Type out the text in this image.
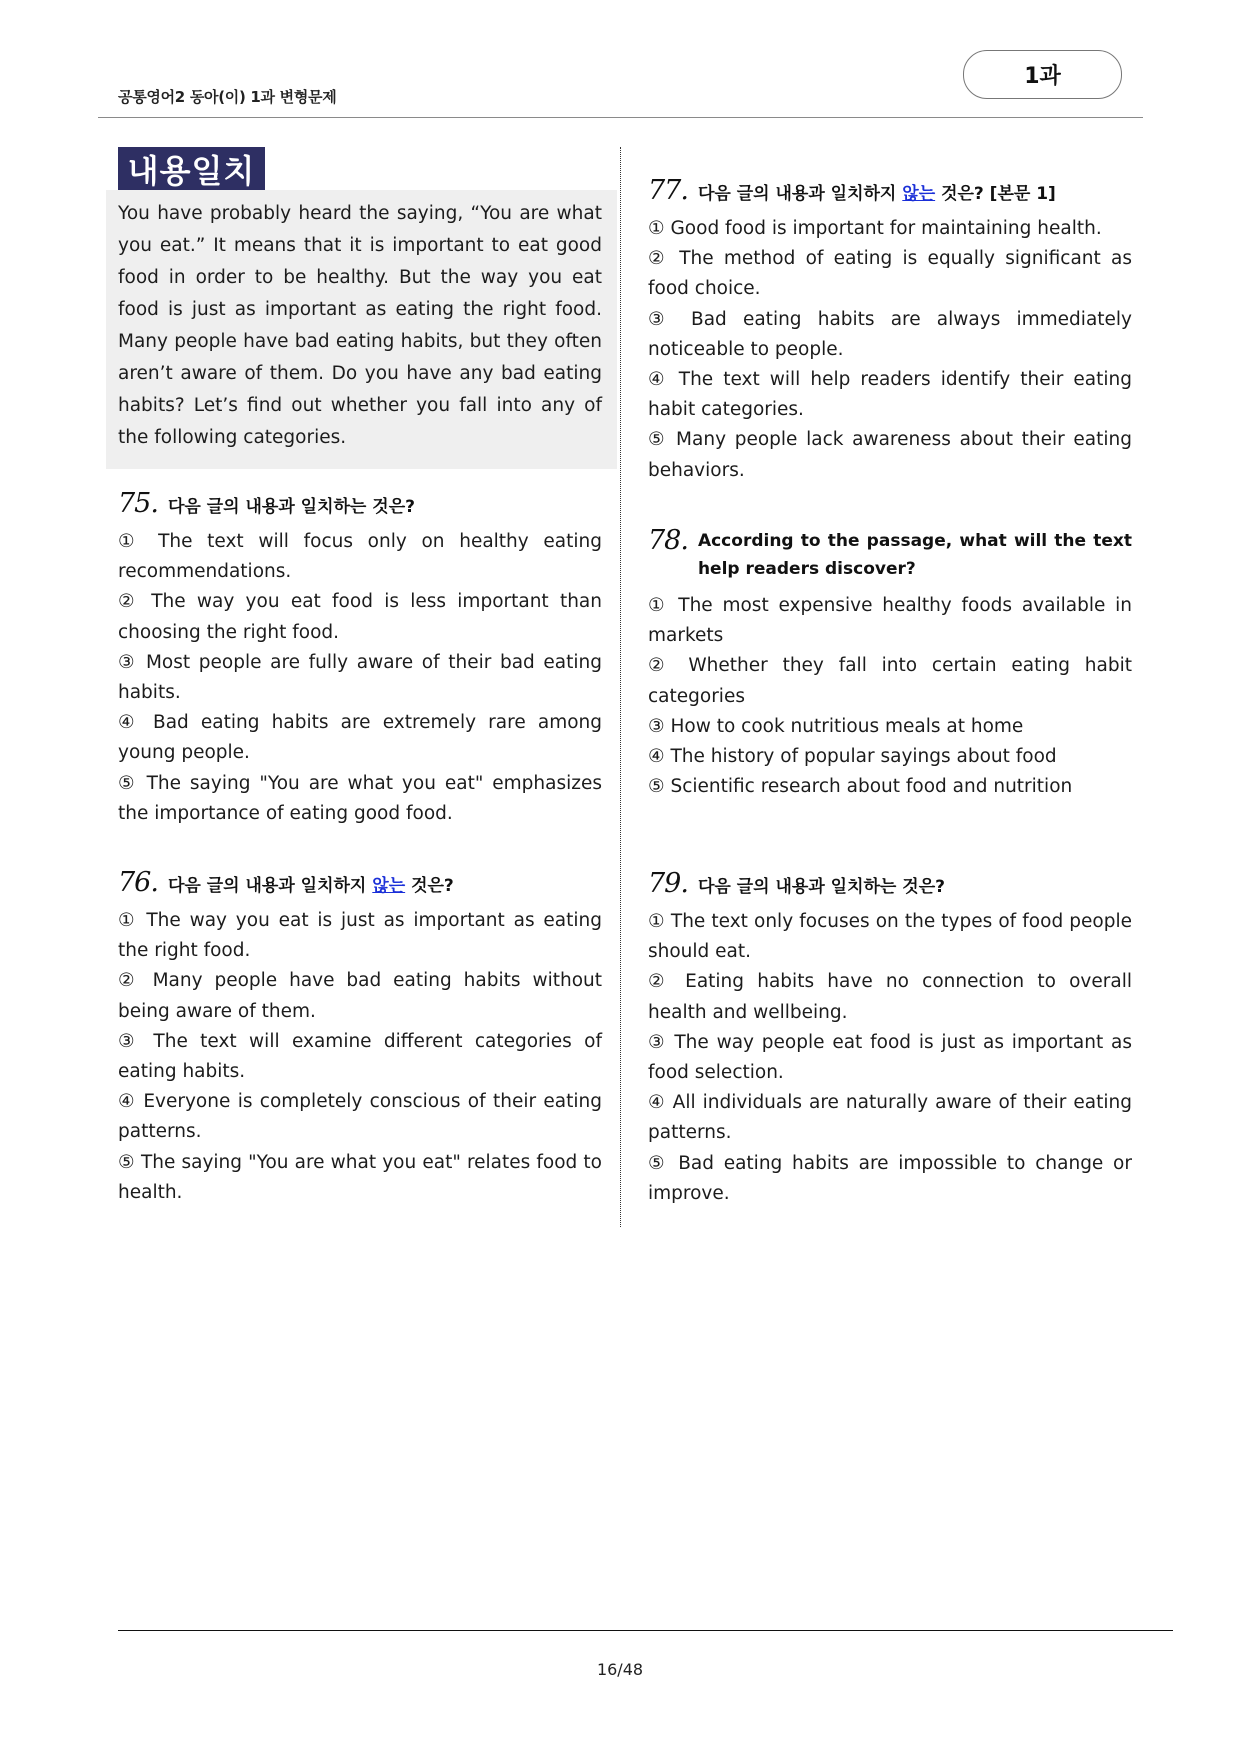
공통영어2 동아(이) 1과 변형문제
1과
내용일치
You have probably heard the saying, “You are what you eat.” It means that it is important to eat good food in order to be healthy. But the way you eat food is just as important as eating the right food. Many people have bad eating habits, but they often aren’t aware of them. Do you have any bad eating habits? Let’s find out whether you fall into any of the following categories.
75. 다음 글의 내용과 일치하는 것은?
① The text will focus only on healthy eating recommendations.
② The way you eat food is less important than choosing the right food.
③ Most people are fully aware of their bad eating habits.
④ Bad eating habits are extremely rare among young people.
⑤ The saying "You are what you eat" emphasizes the importance of eating good food.
76. 다음 글의 내용과 일치하지 않는 것은?
① The way you eat is just as important as eating the right food.
② Many people have bad eating habits without being aware of them.
③ The text will examine different categories of eating habits.
④ Everyone is completely conscious of their eating patterns.
⑤ The saying "You are what you eat" relates food to health.
77. 다음 글의 내용과 일치하지 않는 것은? [본문 1]
① Good food is important for maintaining health.
② The method of eating is equally significant as food choice.
③ Bad eating habits are always immediately noticeable to people.
④ The text will help readers identify their eating habit categories.
⑤ Many people lack awareness about their eating behaviors.
78. According to the passage, what will the text help readers discover?
① The most expensive healthy foods available in markets
② Whether they fall into certain eating habit categories
③ How to cook nutritious meals at home
④ The history of popular sayings about food
⑤ Scientific research about food and nutrition
79. 다음 글의 내용과 일치하는 것은?
① The text only focuses on the types of food people should eat.
② Eating habits have no connection to overall health and wellbeing.
③ The way people eat food is just as important as food selection.
④ All individuals are naturally aware of their eating patterns.
⑤ Bad eating habits are impossible to change or improve.
16/48
